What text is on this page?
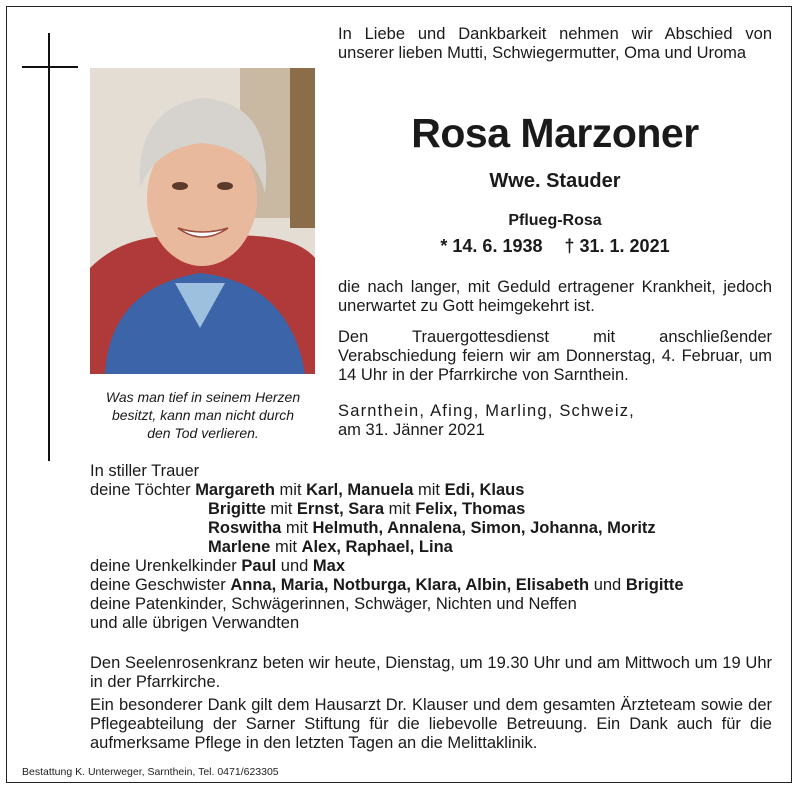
Was man tief in seinem Herzen
besitzt, kann man nicht durch
den Tod verlieren.
In Liebe und Dankbarkeit nehmen wir Abschied von unserer lieben Mutti, Schwiegermutter, Oma und Uroma
Rosa Marzoner
Wwe. Stauder
Pflueg-Rosa
* 14. 6. 1938 † 31. 1. 2021
die nach langer, mit Geduld ertragener Krankheit, jedoch unerwartet zu Gott heimgekehrt ist.
Den Trauergottesdienst mit anschließender Verabschiedung feiern wir am Donnerstag, 4. Februar, um 14 Uhr in der Pfarrkirche von Sarnthein.
Sarnthein, Afing, Marling, Schweiz,
am 31. Jänner 2021
In stiller Trauer
deine Töchter Margareth mit Karl, Manuela mit Edi, Klaus
Brigitte mit Ernst, Sara mit Felix, Thomas
Roswitha mit Helmuth, Annalena, Simon, Johanna, Moritz
Marlene mit Alex, Raphael, Lina
deine Urenkelkinder Paul und Max
deine Geschwister Anna, Maria, Notburga, Klara, Albin, Elisabeth und Brigitte
deine Patenkinder, Schwägerinnen, Schwäger, Nichten und Neffen
und alle übrigen Verwandten
Den Seelenrosenkranz beten wir heute, Dienstag, um 19.30 Uhr und am Mittwoch um 19 Uhr in der Pfarrkirche.
Ein besonderer Dank gilt dem Hausarzt Dr. Klauser und dem gesamten Ärzteteam sowie der Pflegeabteilung der Sarner Stiftung für die liebevolle Betreuung. Ein Dank auch für die aufmerksame Pflege in den letzten Tagen an die Melittaklinik.
Bestattung K. Unterweger, Sarnthein, Tel. 0471/623305
